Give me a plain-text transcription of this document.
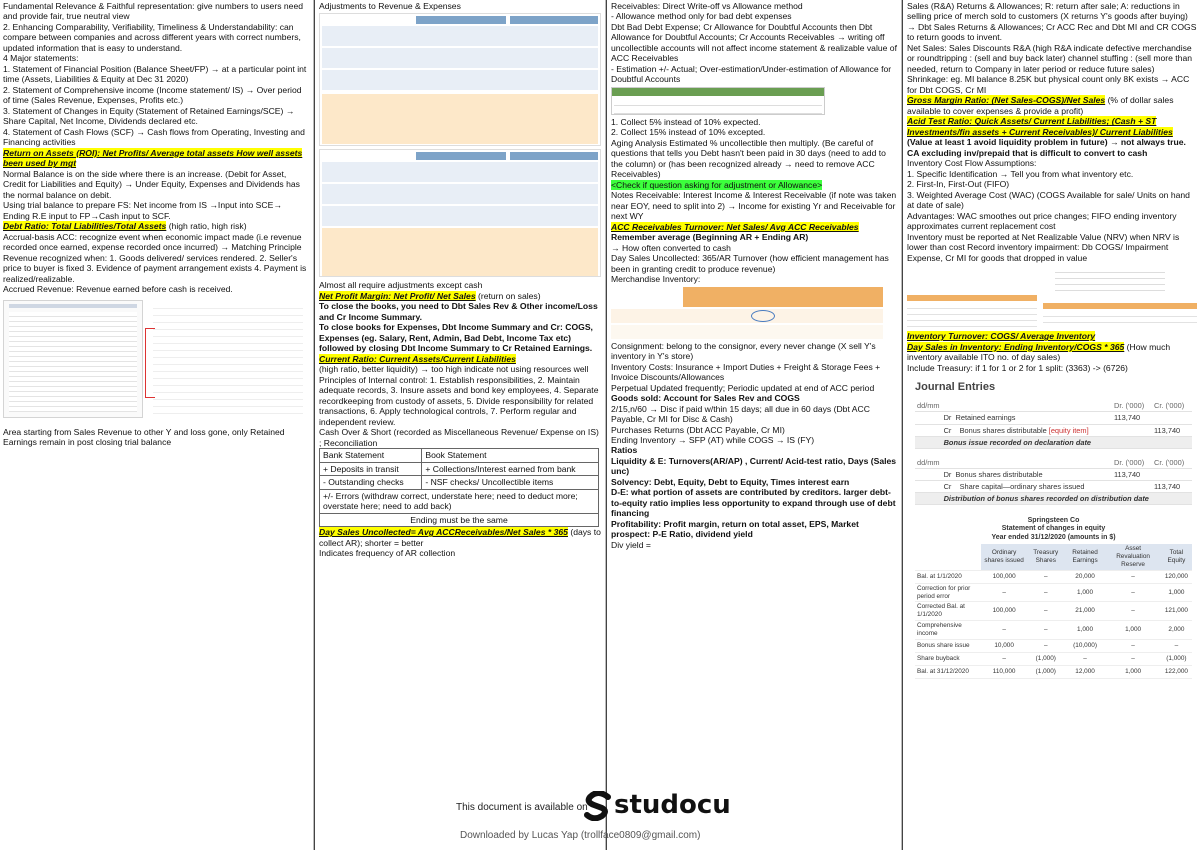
Fundamental Relevance & Faithful representation: give numbers to users need and provide fair, true neutral view

2. Enhancing Comparability, Verifiability, Timeliness & Understandability: can compare between companies and across different years with correct numbers, updated information that is easy to understand.

4 Major statements:

1. Statement of Financial Position (Balance Sheet/FP) → at a particular point int time (Assets, Liabilities & Equity at Dec 31 2020)

2. Statement of Comprehensive income (Income statement/ IS) → Over period of time (Sales Revenue, Expenses, Profits etc.)

3. Statement of Changes in Equity (Statement of Retained Earnings/SCE) → Share Capital, Net Income, Dividends declared etc.

4. Statement of Cash Flows (SCF) → Cash flows from Operating, Investing and Financing activities

Return on Assets (ROI): Net Profits/ Average total assets How well assets been used by mgt

Normal Balance is on the side where there is an increase. (Debit for Asset, Credit for Liabilities and Equity) → Under Equity, Expenses and Dividends has the normal balance on debit.

Using trial balance to prepare FS: Net income from IS →Input into SCE→ Ending R.E input to FP→Cash input to SCF.

Debt Ratio: Total Liabilities/Total Assets (high ratio, high risk)

Accrual-basis ACC: recognize event when economic impact made (i.e revenue recorded once earned, expense recorded once incurred) → Matching Principle Revenue recognized when: 1. Goods delivered/ services rendered. 2. Seller's price to buyer is fixed 3. Evidence of payment arrangement exists 4. Payment is realized/realizable.

Accrued Revenue: Revenue earned before cash is received.

Area starting from Sales Revenue to other Y and loss gone, only Retained

Earnings remain in post closing trial balance

Adjustments to Revenue & Expenses

Almost all require adjustments except cash

Net Profit Margin: Net Profit/ Net Sales (return on sales)

To close the books, you need to Dbt Sales Rev & Other income/Loss and Cr Income Summary.

To close books for Expenses, Dbt Income Summary and Cr: COGS, Expenses (eg. Salary, Rent, Admin, Bad Debt, Income Tax etc) followed by closing Dbt Income Summary to Cr Retained Earnings.

Current Ratio: Current Assets/Current Liabilities

(high ratio, better liquidity) → too high indicate not using resources well

Principles of Internal control: 1. Establish responsibilities, 2. Maintain adequate records, 3. Insure assets and bond key employees, 4. Separate recordkeeping from custody of assets, 5. Divide responsibility for related transactions, 6. Apply technological controls, 7. Perform regular and independent review.

Cash Over & Short (recorded as Miscellaneous Revenue/ Expense on IS) ; Reconciliation

Bank Statement	Book Statement
+ Deposits in transit	+ Collections/Interest earned from bank
- Outstanding checks	- NSF checks/ Uncollectible items
+/- Errors (withdraw correct, understate here; need to deduct more; overstate here; need to add back)	
Ending must be the same	

Day Sales Uncollected= Avg ACCReceivables/Net Sales * 365 (days to collect AR); shorter = better

Indicates frequency of AR collection

Receivables: Direct Write-off vs Allowance method

- Allowance method only for bad debt expenses

Dbt Bad Debt Expense; Cr Allowance for Doubtful Accounts then Dbt Allowance for Doubtful Accounts; Cr Accounts Receivables → writing off uncollectible accounts will not affect income statement & realizable value of ACC Receivables

- Estimation +/- Actual; Over-estimation/Under-estimation of Allowance for Doubtful Accounts

1. Collect 5% instead of 10% expected.

2. Collect 15% instead of 10% excepted.

Aging Analysis Estimated % uncollectible then multiply. (Be careful of questions that tells you Debt hasn't been paid in 30 days (need to add to the column) or (has been recognized already → need to remove ACC Receivables)

<Check if question asking for adjustment or Allowance>

Notes Receivable: Interest Income & Interest Receivable (if note was taken near EOY, need to split into 2) → Income for existing Yr and Receivable for next WY

ACC Receivables Turnover: Net Sales/ Avg ACC Receivables

Remember average (Beginning AR + Ending AR)

→ How often converted to cash

Day Sales Uncollected: 365/AR Turnover (how efficient management has been in granting credit to produce revenue)

Merchandise Inventory:

Consignment: belong to the consignor, every never change (X sell Y's inventory in Y's store)

Inventory Costs: Insurance + Import Duties + Freight & Storage Fees + Invoice Discounts/Allowances

Perpetual Updated frequently; Periodic updated at end of ACC period

Goods sold: Account for Sales Rev and COGS

2/15,n/60 → Disc if paid w/thin 15 days; all due in 60 days (Dbt ACC Payable, Cr MI for Disc & Cash)

Purchases Returns (Dbt ACC Payable, Cr MI)

Ending Inventory → SFP (AT) while COGS → IS (FY)

Ratios

Liquidity & E: Turnovers(AR/AP) , Current/ Acid-test ratio, Days (Sales unc)

Solvency: Debt, Equity, Debt to Equity, Times interest earn

D-E: what portion of assets are contributed by creditors. larger debt-to-equity ratio implies less opportunity to expand through use of debt financing

Profitability: Profit margin, return on total asset, EPS, Market prospect: P-E Ratio, dividend yield

Div yield =

Sales (R&A) Returns & Allowances; R: return after sale; A: reductions in selling price of merch sold to customers (X returns Y's goods after buying) → Dbt Sales Returns & Allowances; Cr ACC Rec and Dbt MI and CR COGS to return goods to invent.

Net Sales: Sales Discounts R&A (high R&A indicate defective merchandise or roundtripping : (sell and buy back later) channel stuffing : (sell more than needed, return to Company in later period or reduce future sales)

Shrinkage: eg. MI balance 8.25K but physical count only 8K exists → ACC for Dbt COGS, Cr MI

Gross Margin Ratio: (Net Sales-COGS)/Net Sales (% of dollar sales available to cover expenses & provide a profit)

Acid Test Ratio: Quick Assets/ Current Liabilities; (Cash + ST Investments/fin assets + Current Receivables)/ Current Liabilities (Value at least 1 avoid liquidity problem in future) → not always true. CA excluding inv/prepaid that is difficult to convert to cash

Inventory Cost Flow Assumptions:

1. Specific Identification → Tell you from what inventory etc.

2. First-In, First-Out (FIFO)

3. Weighted Average Cost (WAC) (COGS Available for sale/ Units on hand at date of sale)

Advantages: WAC smoothes out price changes; FIFO ending inventory approximates current replacement cost

Inventory must be reported at Net Realizable Value (NRV) when NRV is lower than cost Record inventory impairment: Db COGS/ Impairment Expense, Cr MI for goods that dropped in value

Inventory Turnover: COGS/ Average Inventory

Day Sales in Inventory: Ending Inventory/COGS * 365 (How much inventory available ITO no. of day sales)

Include Treasury: if 1 for 1 or 2 for 1 split: (3363) -> (6726)

Journal Entries
dd/mm		Dr. ('000)	Cr. ('000)
	Dr  Retained earnings	113,740	
	Cr    Bonus shares distributable [equity item]		113,740
	Bonus issue recorded on declaration date		
dd/mm		Dr. ('000)	Cr. ('000)
	Dr  Bonus shares distributable	113,740	
	Cr    Share capital—ordinary shares issued		113,740
	Distribution of bonus shares recorded on distribution date		
Springsteen Co
Statement of changes in equity
Year ended 31/12/2020 (amounts in $)
	Ordinary shares issued	Treasury Shares	Retained Earnings	Asset Revaluation Reserve	Total Equity
Bal. at 1/1/2020	100,000	–	20,000	–	120,000
Correction for prior period error	–	–	1,000	–	1,000
Corrected Bal. at 1/1/2020	100,000	–	21,000	–	121,000
Comprehensive income	–	–	1,000	1,000	2,000
Bonus share issue	10,000	–	(10,000)	–	–
Share buyback	–	(1,000)	–	–	(1,000)
Bal. at 31/12/2020	110,000	(1,000)	12,000	1,000	122,000
This document is available on studocu
Downloaded by Lucas Yap (trollface0809@gmail.com)
